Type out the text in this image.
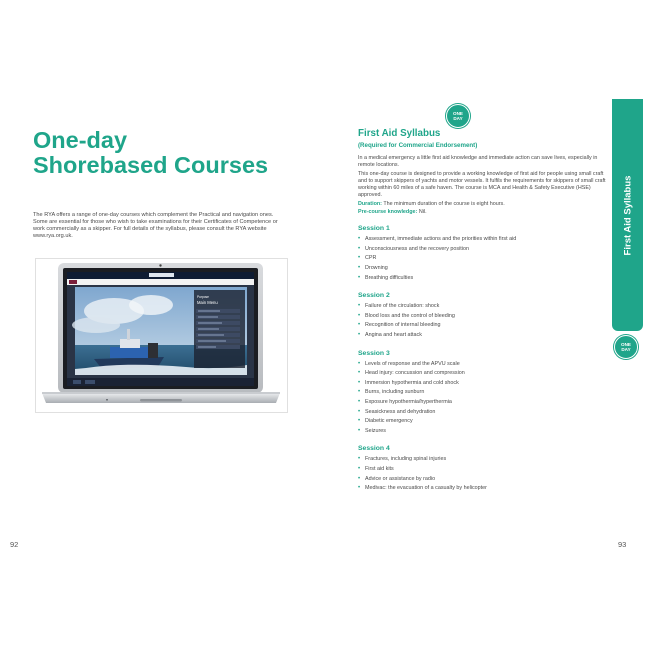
One-day
Shorebased Courses

The RYA offers a range of one-day courses which complement the Practical and navigation ones. Some are essential for those who wish to take examinations for their Certificates of Competence or work commercially as a skipper. For full details of the syllabus, please consult the RYA website www.rya.org.uk.

Purpose
Main Menu
92
ONE
DAY
First Aid Syllabus
ONE
DAY
First Aid Syllabus
(Required for Commercial Endorsement)

In a medical emergency a little first aid knowledge and immediate action can save lives, especially in remote locations.

This one-day course is designed to provide a working knowledge of first aid for people using small craft and to support skippers of yachts and motor vessels. It fulfils the requirements for skippers of small craft working within 60 miles of a safe haven. The course is MCA and Health & Safety Executive (HSE) approved.

Duration: The minimum duration of the course is eight hours.

Pre-course knowledge: Nil.

Session 1
• Assessment, immediate actions and the priorities within first aid
• Unconsciousness and the recovery position
• CPR
• Drowning
• Breathing difficulties
Session 2
• Failure of the circulation: shock
• Blood loss and the control of bleeding
• Recognition of internal bleeding
• Angina and heart attack
Session 3
• Levels of response and the APVU scale
• Head injury: concussion and compression
• Immersion hypothermia and cold shock
• Burns, including sunburn
• Exposure hypothermia/hyperthermia
• Seasickness and dehydration
• Diabetic emergency
• Seizures
Session 4
• Fractures, including spinal injuries
• First aid kits
• Advice or assistance by radio
• Medivac: the evacuation of a casualty by helicopter
93
